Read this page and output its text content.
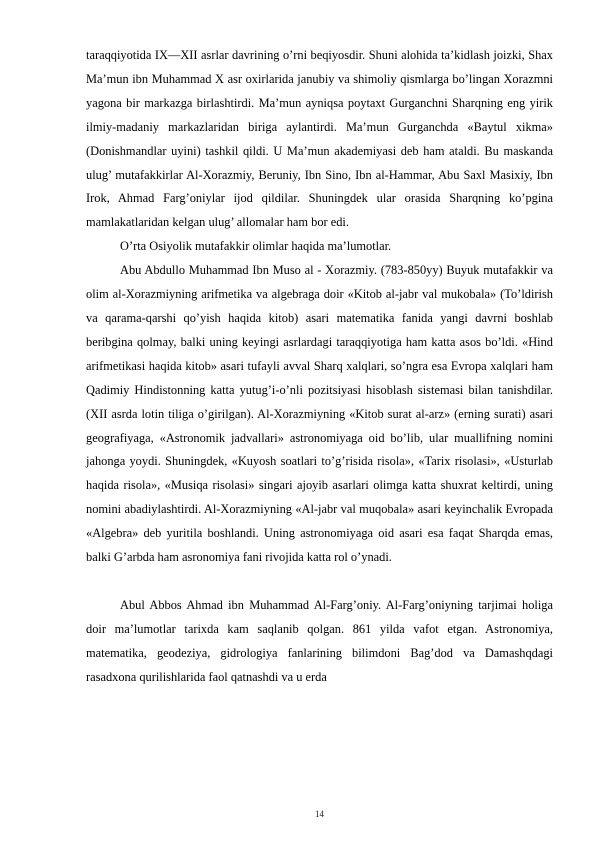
taraqqiyotida IX—XII asrlar davrining o’rni beqiyosdir. Shuni alohida ta’kidlash joizki, Shax Ma’mun ibn Muhammad X asr oxirlarida janubiy va shimoliy qismlarga bo’lingan Xorazmni yagona bir markazga birlashtirdi. Ma’mun ayniqsa poytaxt Gurganchni Sharqning eng yirik ilmiy-madaniy markazlaridan biriga aylantirdi. Ma’mun Gurganchda «Baytul xikma» (Donishmandlar uyini) tashkil qildi. U Ma’mun akademiyasi deb ham ataldi. Bu maskanda ulug’ mutafakkirlar Al-Xorazmiy, Beruniy, Ibn Sino, Ibn al-Hammar, Abu Saxl Masixiy, Ibn Irok, Ahmad Farg’oniylar ijod qildilar. Shuningdek ular orasida Sharqning ko’pgina mamlakatlaridan kelgan ulug’ allomalar ham bor edi.

O’rta Osiyolik mutafakkir olimlar haqida ma’lumotlar.

Abu Abdullo Muhammad Ibn Muso al - Xorazmiy. (783-850yy) Buyuk mutafakkir va olim al-Xorazmiyning arifmetika va algebraga doir «Kitob al-jabr val mukobala» (To’ldirish va qarama-qarshi qo’yish haqida kitob) asari matematika fanida yangi davrni boshlab beribgina qolmay, balki uning keyingi asrlardagi taraqqiyotiga ham katta asos bo’ldi. «Hind arifmetikasi haqida kitob» asari tufayli avval Sharq xalqlari, so’ngra esa Evropa xalqlari ham Qadimiy Hindistonning katta yutug’i-o’nli pozitsiyasi hisoblash sistemasi bilan tanishdilar. (XII asrda lotin tiliga o’girilgan). Al-Xorazmiyning «Kitob surat al-arz» (erning surati) asari geografiyaga, «Astronomik jadvallari» astronomiyaga oid bo’lib, ular muallifning nomini jahonga yoydi. Shuningdek, «Kuyosh soatlari to’g’risida risola», «Tarix risolasi», «Usturlab haqida risola», «Musiqa risolasi» singari ajoyib asarlari olimga katta shuxrat keltirdi, uning nomini abadiylashtirdi. Al-Xorazmiyning «Al-jabr val muqobala» asari keyinchalik Evropada «Algebra» deb yuritila boshlandi. Uning astronomiyaga oid asari esa faqat Sharqda emas, balki G’arbda ham asronomiya fani rivojida katta rol o’ynadi.

Abul Abbos Ahmad ibn Muhammad Al-Farg’oniy. Al-Farg’oniyning tarjimai holiga doir ma’lumotlar tarixda kam saqlanib qolgan. 861 yilda vafot etgan. Astronomiya, matematika, geodeziya, gidrologiya fanlarining bilimdoni Bag’dod va Damashqdagi rasadxona qurilishlarida faol qatnashdi va u erda

14
